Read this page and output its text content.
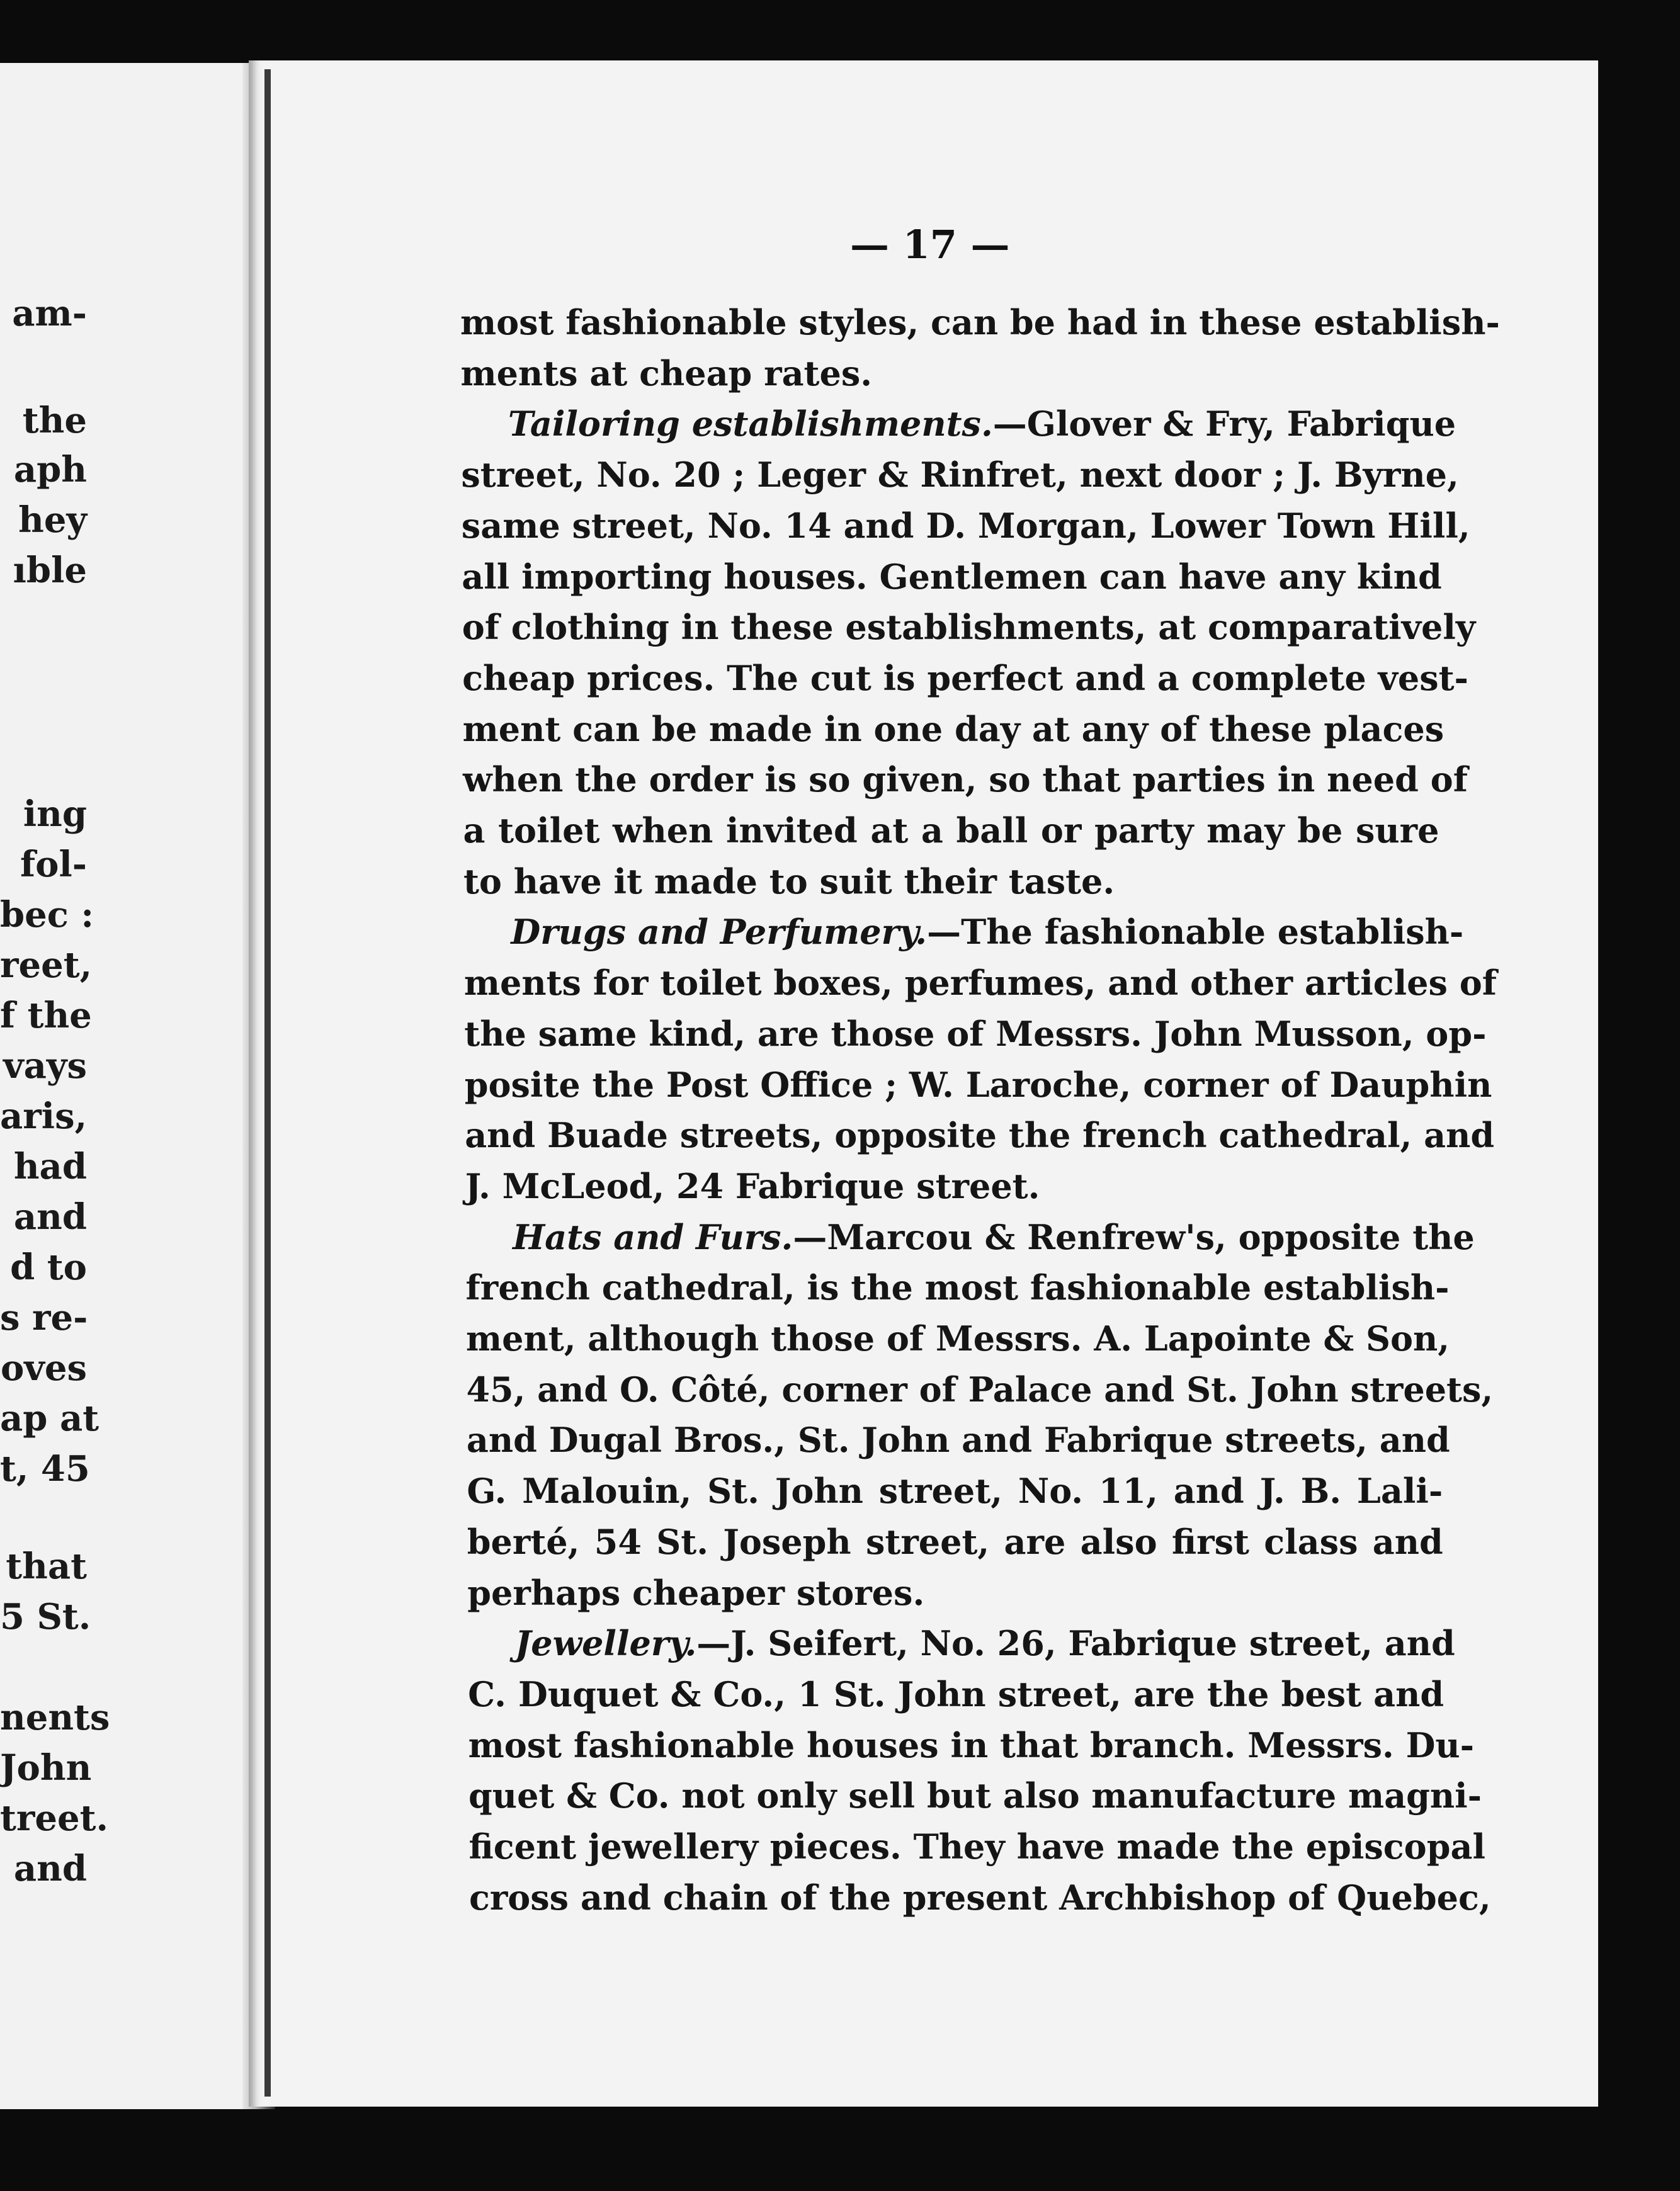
am-
the
aph
hey
ıble
ing
fol-
bec :
reet,
f the
vays
aris,
had
and
d to
s re-
oves
ap at
t, 45
that
5 St.
nents
John
treet.
and
— 17 —
most fashionable styles, can be had in these establish-
ments at cheap rates.
Tailoring establishments.—Glover & Fry, Fabrique
street, No. 20 ; Leger & Rinfret, next door ; J. Byrne,
same street, No. 14 and D. Morgan, Lower Town Hill,
all importing houses. Gentlemen can have any kind
of clothing in these establishments, at comparatively
cheap prices. The cut is perfect and a complete vest-
ment can be made in one day at any of these places
when the order is so given, so that parties in need of
a toilet when invited at a ball or party may be sure
to have it made to suit their taste.
Drugs and Perfumery.—The fashionable establish-
ments for toilet boxes, perfumes, and other articles of
the same kind, are those of Messrs. John Musson, op-
posite the Post Office ; W. Laroche, corner of Dauphin
and Buade streets, opposite the french cathedral, and
J. McLeod, 24 Fabrique street.
Hats and Furs.—Marcou & Renfrew's, opposite the
french cathedral, is the most fashionable establish-
ment, although those of Messrs. A. Lapointe & Son,
45, and O. Côté, corner of Palace and St. John streets,
and Dugal Bros., St. John and Fabrique streets, and
G. Malouin, St. John street, No. 11, and J. B. Lali-
berté, 54 St. Joseph street, are also first class and
perhaps cheaper stores.
Jewellery.—J. Seifert, No. 26, Fabrique street, and
C. Duquet & Co., 1 St. John street, are the best and
most fashionable houses in that branch. Messrs. Du-
quet & Co. not only sell but also manufacture magni-
ficent jewellery pieces. They have made the episcopal
cross and chain of the present Archbishop of Quebec,
